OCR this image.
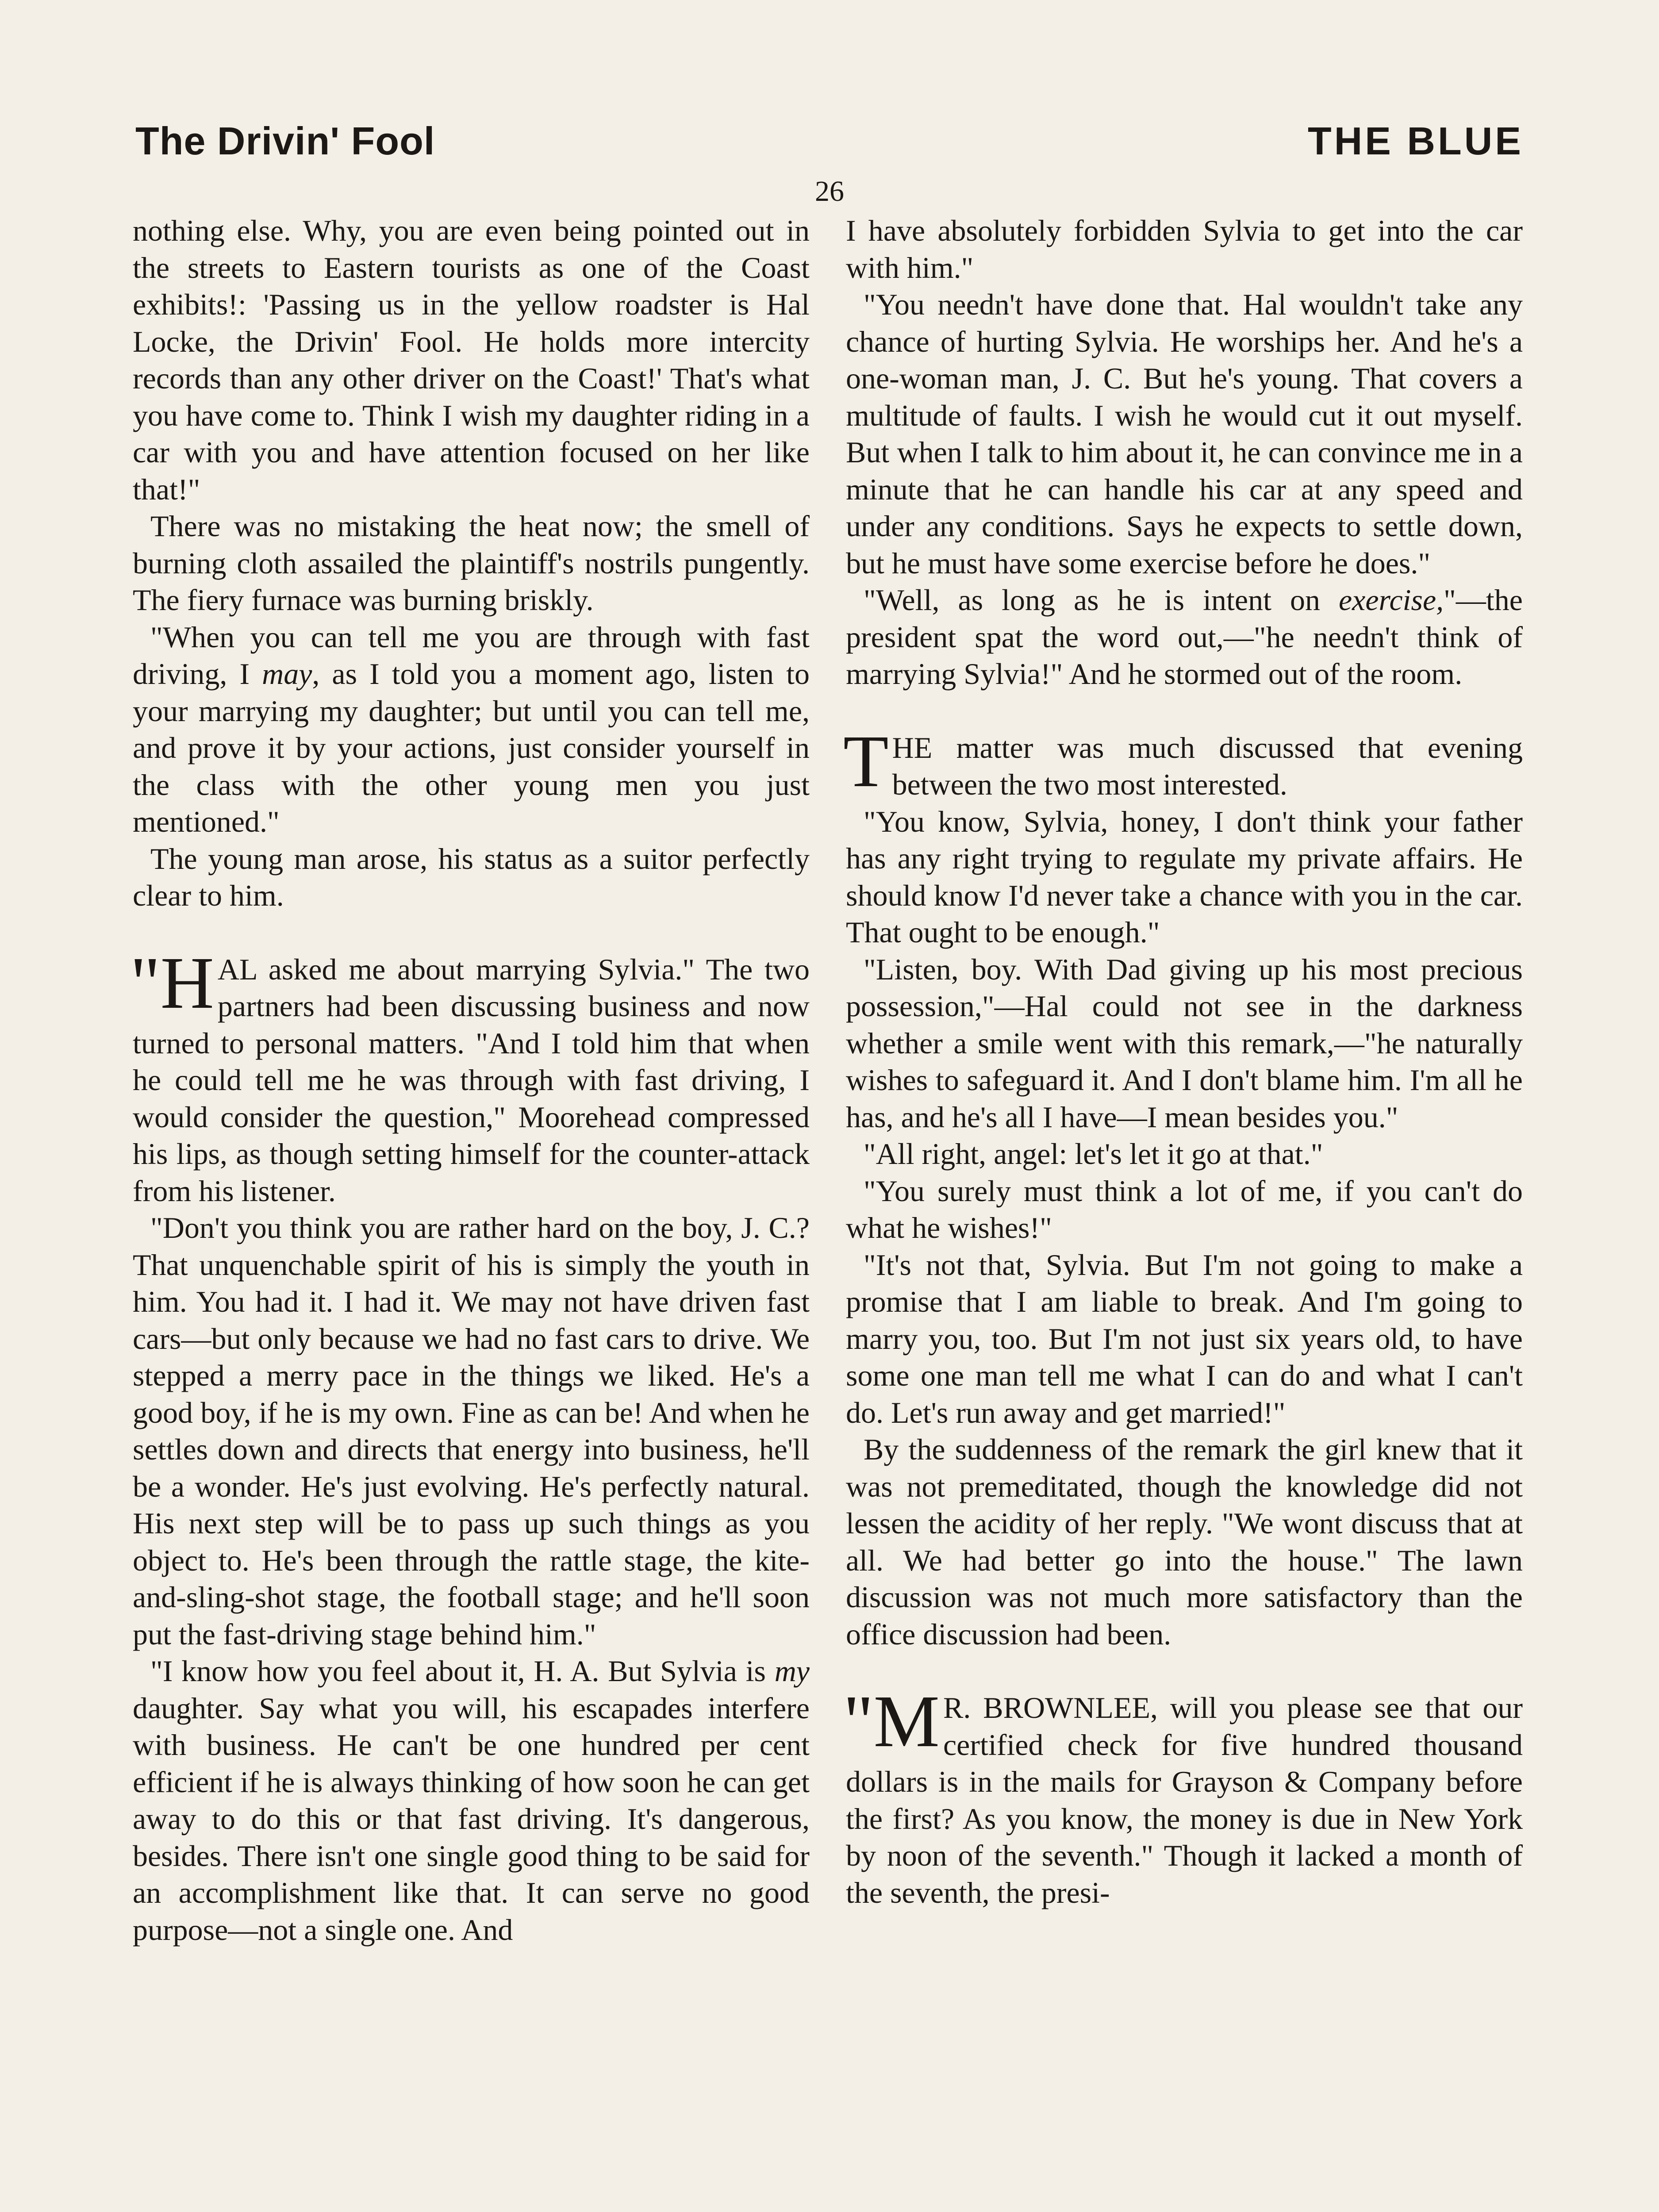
The Drivin' Fool	THE BLUE
26

nothing else. Why, you are even being pointed out in the streets to Eastern tourists as one of the Coast exhibits!: 'Passing us in the yellow roadster is Hal Locke, the Drivin' Fool. He holds more intercity records than any other driver on the Coast!' That's what you have come to. Think I wish my daughter riding in a car with you and have attention focused on her like that!"

There was no mistaking the heat now; the smell of burning cloth assailed the plaintiff's nostrils pungently. The fiery furnace was burning briskly.

"When you can tell me you are through with fast driving, I may, as I told you a moment ago, listen to your marrying my daughter; but until you can tell me, and prove it by your actions, just consider yourself in the class with the other young men you just mentioned."

The young man arose, his status as a suitor perfectly clear to him.

"H AL asked me about marrying Sylvia." The two partners had been discussing business and now turned to personal matters. "And I told him that when he could tell me he was through with fast driving, I would consider the question," Moorehead compressed his lips, as though setting himself for the counter-attack from his listener.

"Don't you think you are rather hard on the boy, J. C.? That unquenchable spirit of his is simply the youth in him. You had it. I had it. We may not have driven fast cars—but only because we had no fast cars to drive. We stepped a merry pace in the things we liked. He's a good boy, if he is my own. Fine as can be! And when he settles down and directs that energy into business, he'll be a wonder. He's just evolving. He's perfectly natural. His next step will be to pass up such things as you object to. He's been through the rattle stage, the kite-and-sling-shot stage, the football stage; and he'll soon put the fast-driving stage behind him."

"I know how you feel about it, H. A. But Sylvia is my daughter. Say what you will, his escapades interfere with business. He can't be one hundred per cent efficient if he is always thinking of how soon he can get away to do this or that fast driving. It's dangerous, besides. There isn't one single good thing to be said for an accomplishment like that. It can serve no good purpose—not a single one. And

I have absolutely forbidden Sylvia to get into the car with him."

"You needn't have done that. Hal wouldn't take any chance of hurting Sylvia. He worships her. And he's a one-woman man, J. C. But he's young. That covers a multitude of faults. I wish he would cut it out myself. But when I talk to him about it, he can convince me in a minute that he can handle his car at any speed and under any conditions. Says he expects to settle down, but he must have some exercise before he does."

"Well, as long as he is intent on exercise,"—the president spat the word out,—"he needn't think of marrying Sylvia!" And he stormed out of the room.

THE matter was much discussed that evening between the two most interested.

"You know, Sylvia, honey, I don't think your father has any right trying to regulate my private affairs. He should know I'd never take a chance with you in the car. That ought to be enough."

"Listen, boy. With Dad giving up his most precious possession,"—Hal could not see in the darkness whether a smile went with this remark,—"he naturally wishes to safeguard it. And I don't blame him. I'm all he has, and he's all I have—I mean besides you."

"All right, angel: let's let it go at that."

"You surely must think a lot of me, if you can't do what he wishes!"

"It's not that, Sylvia. But I'm not going to make a promise that I am liable to break. And I'm going to marry you, too. But I'm not just six years old, to have some one man tell me what I can do and what I can't do. Let's run away and get married!"

By the suddenness of the remark the girl knew that it was not premeditated, though the knowledge did not lessen the acidity of her reply. "We wont discuss that at all. We had better go into the house." The lawn discussion was not much more satisfactory than the office discussion had been.

"M R. BROWNLEE, will you please see that our certified check for five hundred thousand dollars is in the mails for Grayson & Company before the first? As you know, the money is due in New York by noon of the seventh." Though it lacked a month of the seventh, the presi-
